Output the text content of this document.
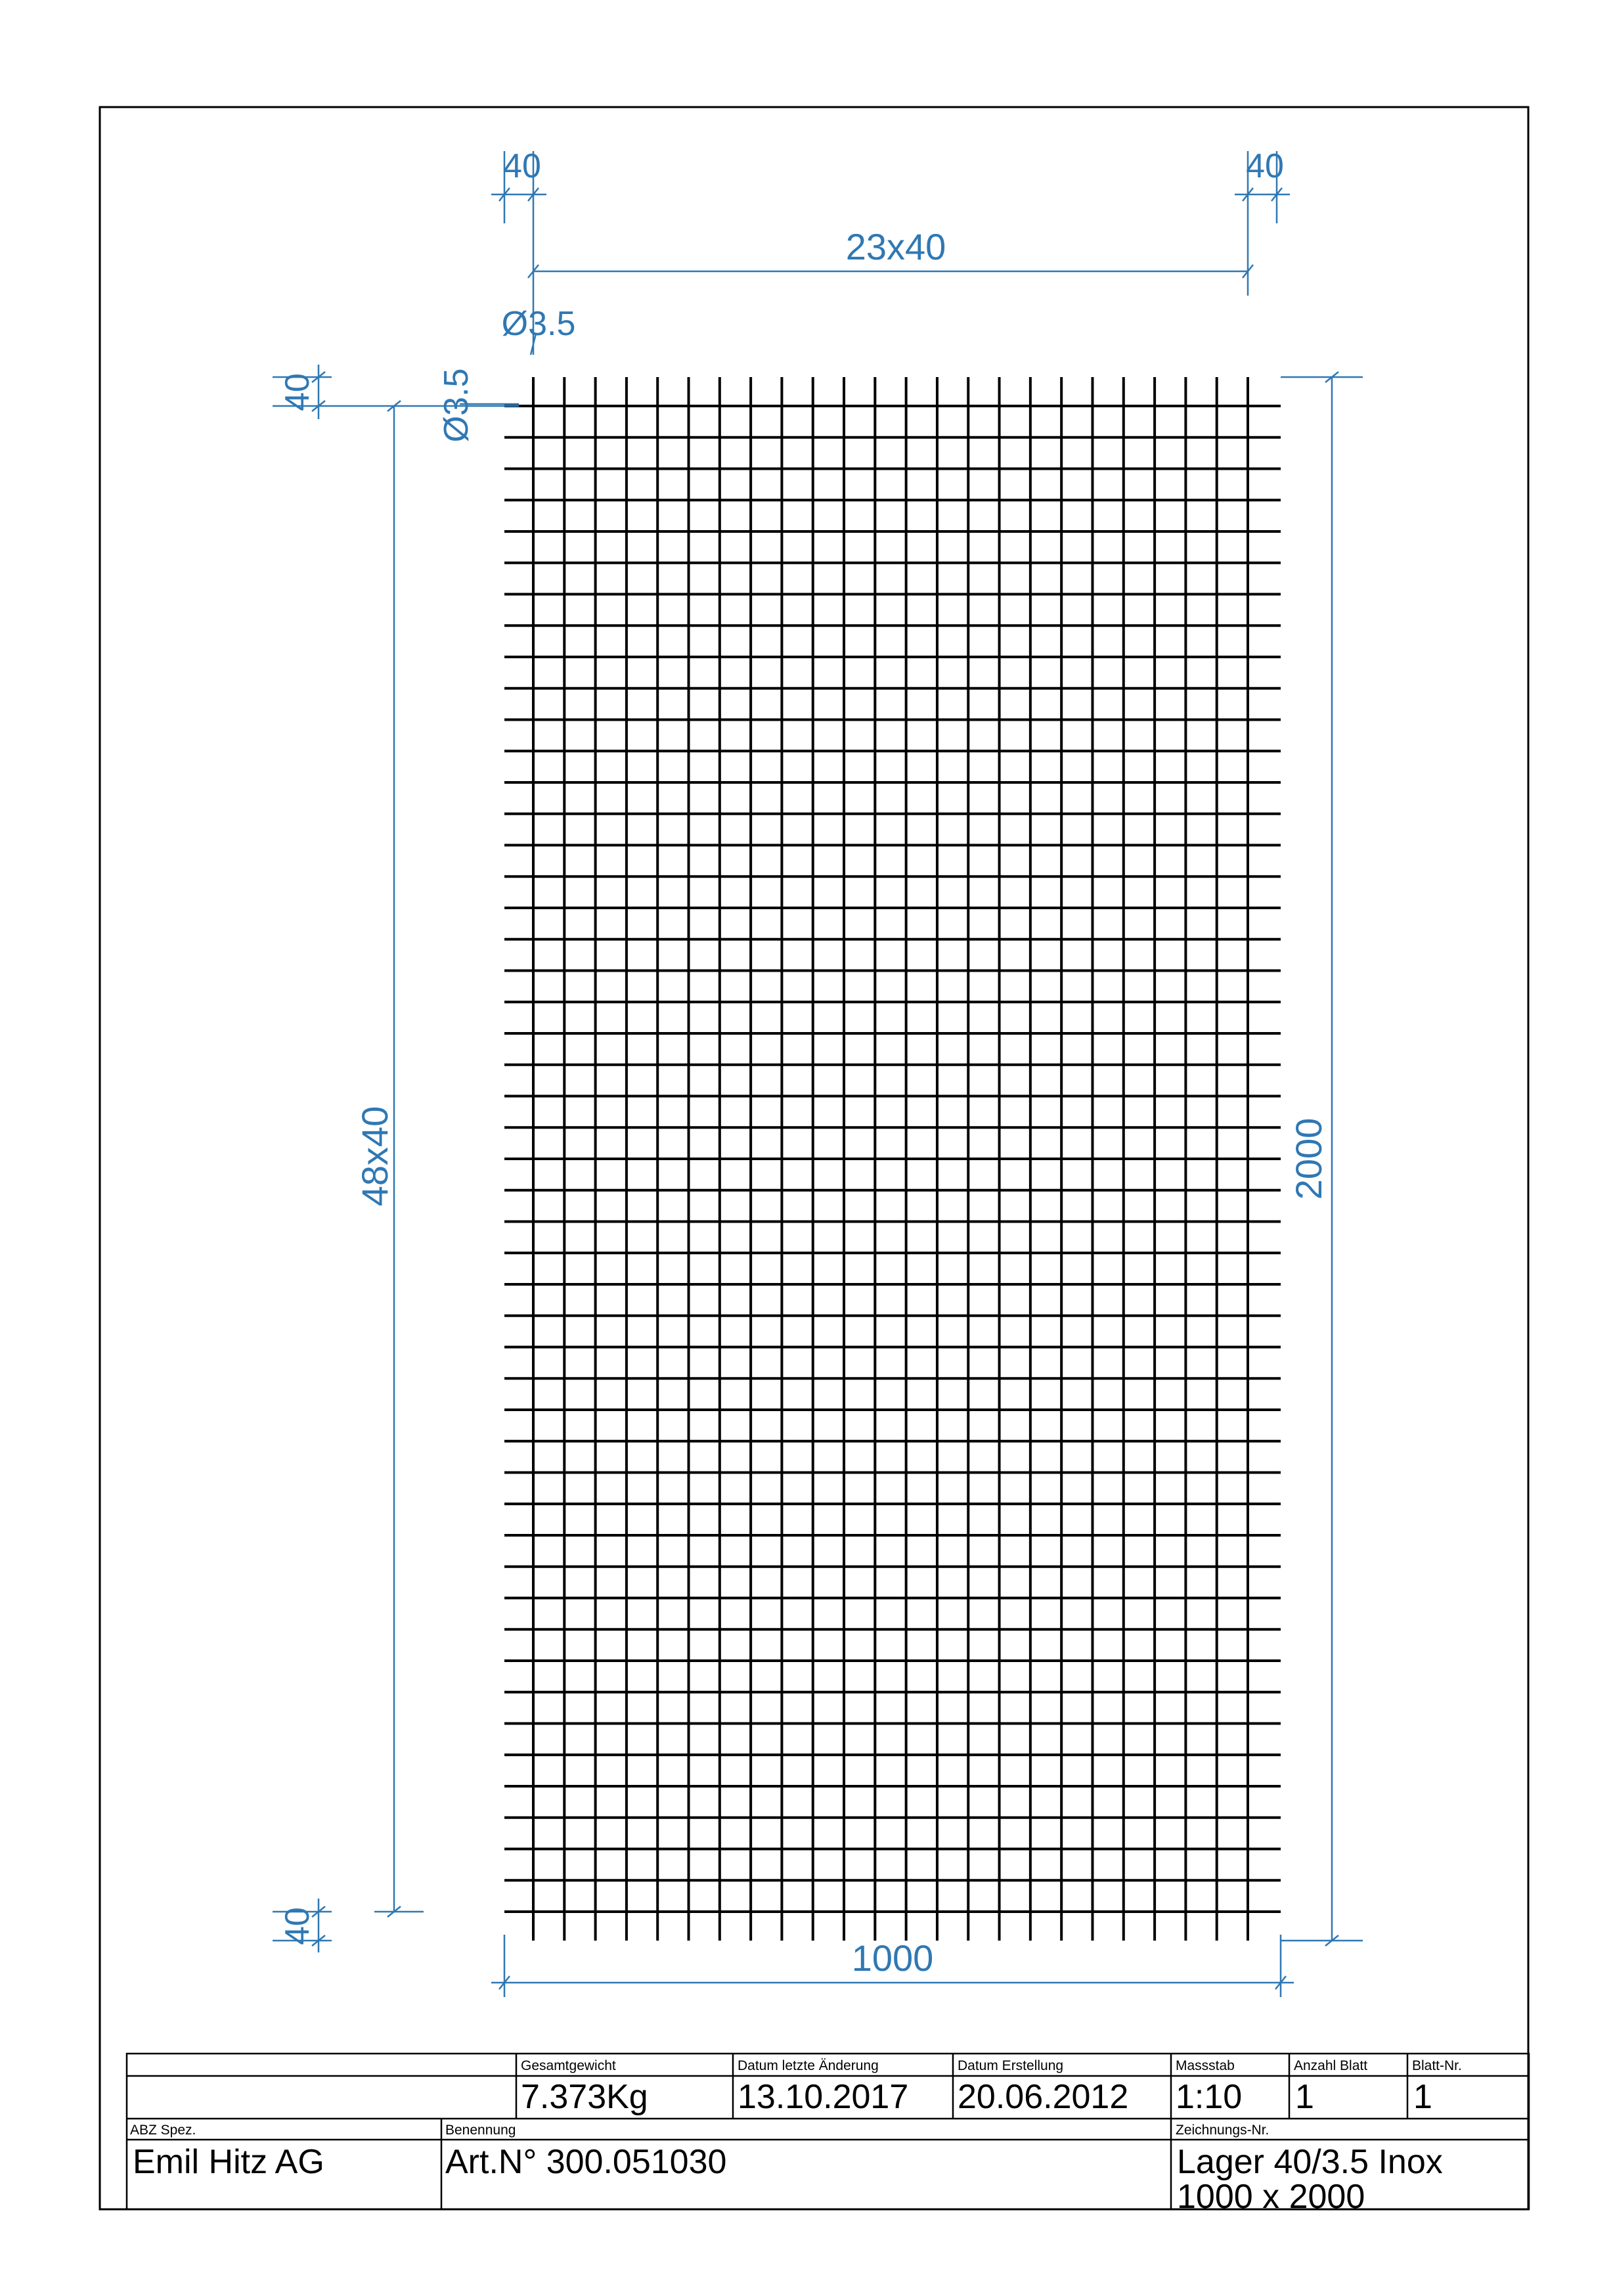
40	40
23x40
Ø3.5
Ø3.5
40
48x40
40
2000
1000
Gesamtgewicht
7.373Kg
Datum letzte Änderung
13.10.2017
Datum Erstellung
20.06.2012
Massstab
1:10
Anzahl Blatt
1
Blatt-Nr.
1
ABZ Spez.
Emil Hitz AG
Benennung
Art.N° 300.051030
Zeichnungs-Nr.
Lager 40/3.5 Inox
1000 x 2000
